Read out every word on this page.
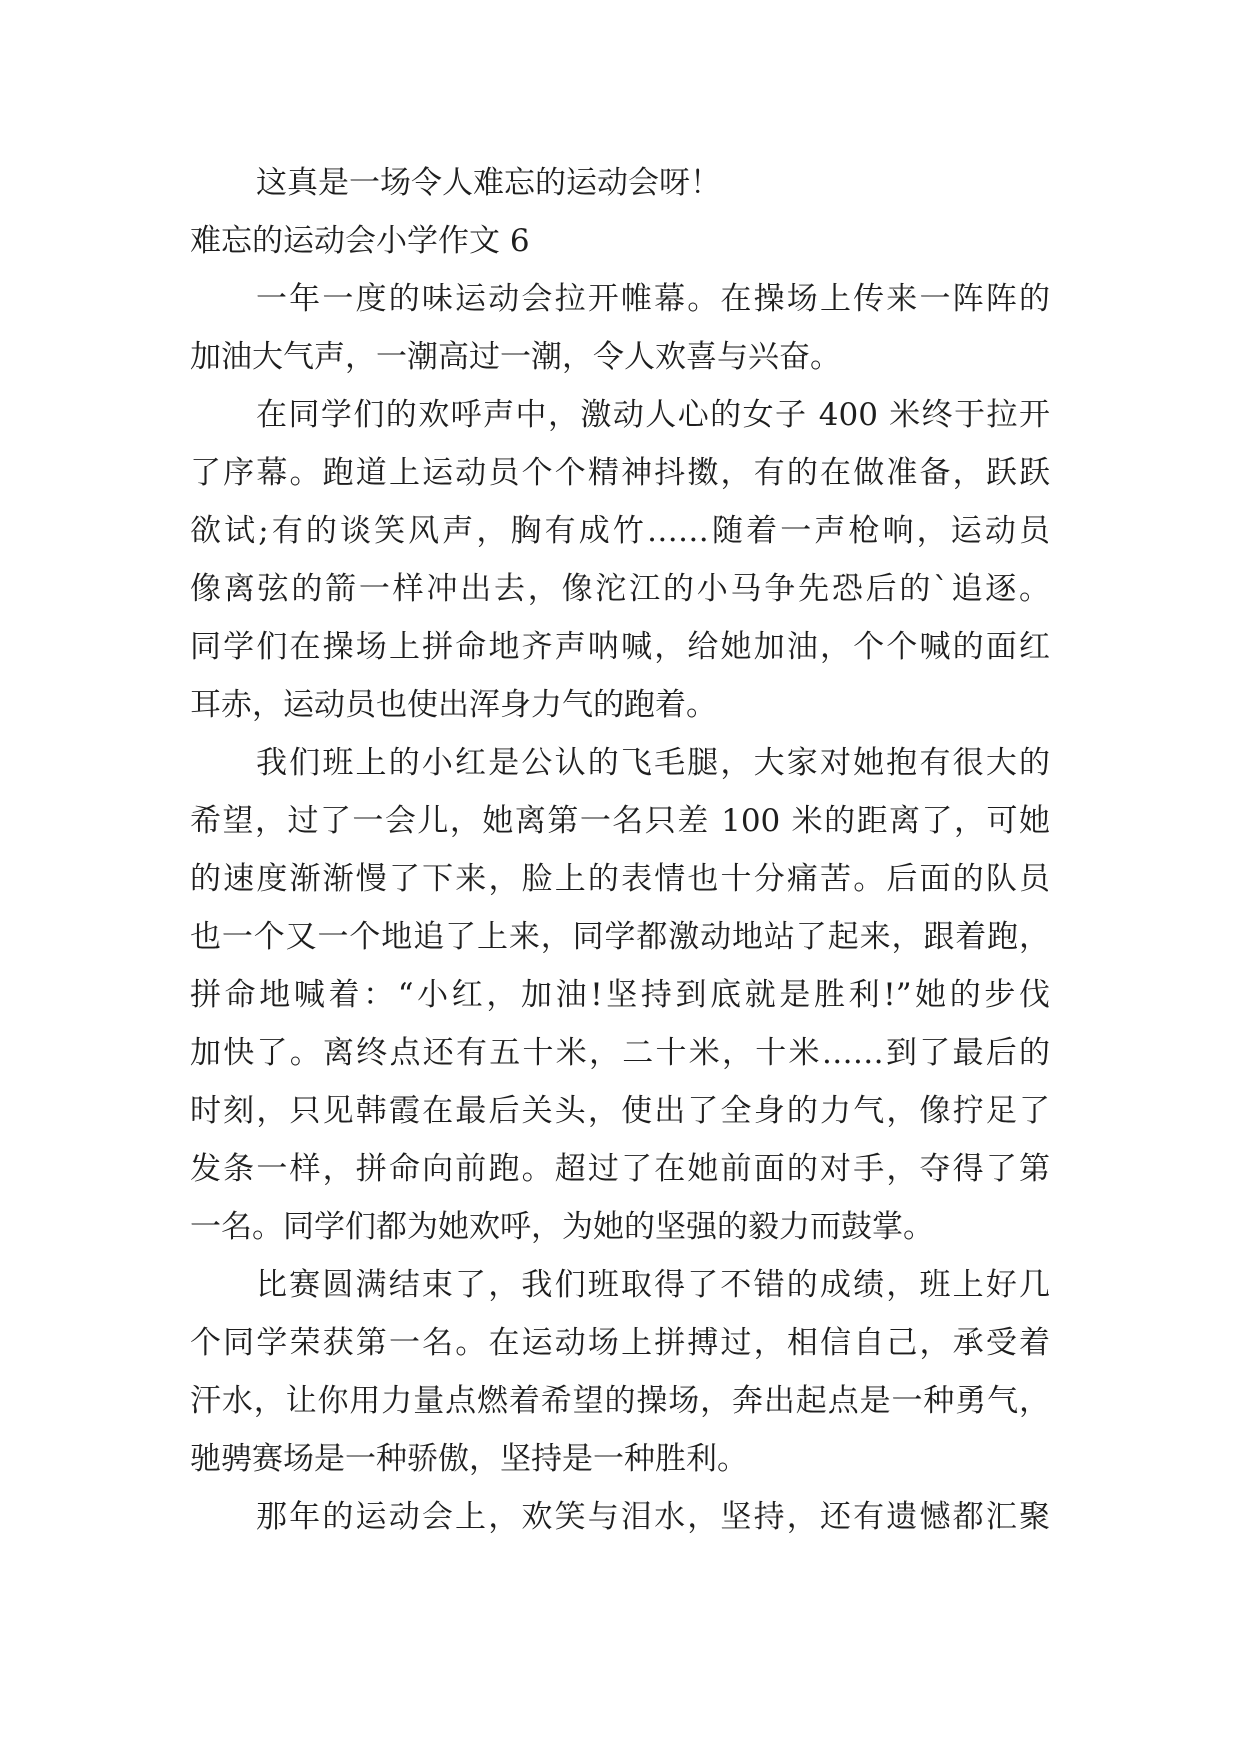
这真是一场令人难忘的运动会呀！
难忘的运动会小学作文 6
一年一度的味运动会拉开帷幕。在操场上传来一阵阵的
加油大气声，一潮高过一潮，令人欢喜与兴奋。
在同学们的欢呼声中，激动人心的女子 400 米终于拉开
了序幕。跑道上运动员个个精神抖擞，有的在做准备，跃跃
欲试;有的谈笑风声，胸有成竹……随着一声枪响，运动员
像离弦的箭一样冲出去，像沱江的小马争先恐后的`追逐。
同学们在操场上拼命地齐声呐喊，给她加油，个个喊的面红
耳赤，运动员也使出浑身力气的跑着。
我们班上的小红是公认的飞毛腿，大家对她抱有很大的
希望，过了一会儿，她离第一名只差 100 米的距离了，可她
的速度渐渐慢了下来，脸上的表情也十分痛苦。后面的队员
也一个又一个地追了上来，同学都激动地站了起来，跟着跑，
拼命地喊着：“小红，加油!坚持到底就是胜利!”她的步伐
加快了。离终点还有五十米，二十米，十米……到了最后的
时刻，只见韩霞在最后关头，使出了全身的力气，像拧足了
发条一样，拼命向前跑。超过了在她前面的对手，夺得了第
一名。同学们都为她欢呼，为她的坚强的毅力而鼓掌。
比赛圆满结束了，我们班取得了不错的成绩，班上好几
个同学荣获第一名。在运动场上拼搏过，相信自己，承受着
汗水，让你用力量点燃着希望的操场，奔出起点是一种勇气，
驰骋赛场是一种骄傲，坚持是一种胜利。
那年的运动会上，欢笑与泪水，坚持，还有遗憾都汇聚
